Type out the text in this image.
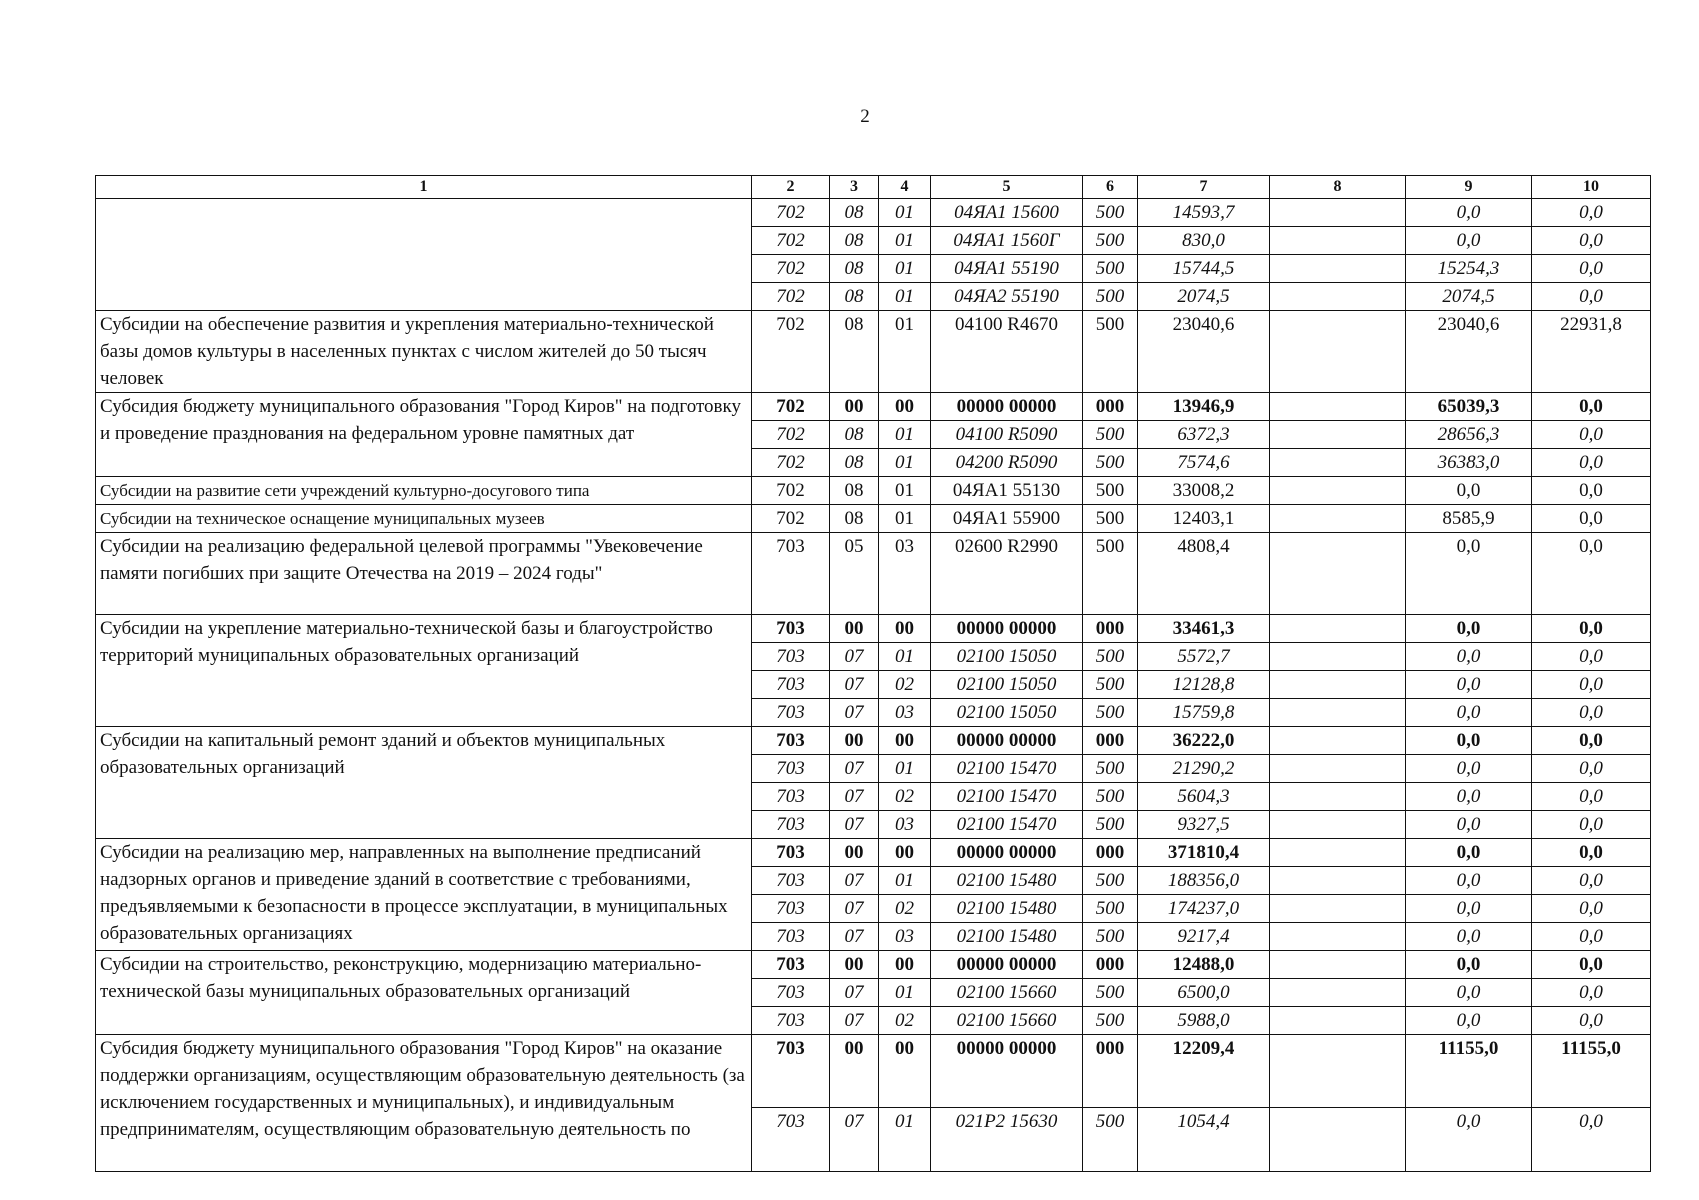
2
1	2	3	4	5	6	7	8	9	10
	702	08	01	04ЯА1 15600	500	14593,7		0,0	0,0
	702	08	01	04ЯА1 1560Г	500	830,0		0,0	0,0
	702	08	01	04ЯА1 55190	500	15744,5		15254,3	0,0
	702	08	01	04ЯА2 55190	500	2074,5		2074,5	0,0
Субсидии на обеспечение развития и укрепления материально-технической базы домов культуры в населенных пунктах с числом жителей до 50 тысяч человек	702	08	01	04100 R4670	500	23040,6		23040,6	22931,8
Субсидия бюджету муниципального образования "Город Киров" на подготовку и проведение празднования на федеральном уровне памятных дат	702	00	00	00000 00000	000	13946,9		65039,3	0,0
	702	08	01	04100 R5090	500	6372,3		28656,3	0,0
	702	08	01	04200 R5090	500	7574,6		36383,0	0,0
Субсидии на развитие сети учреждений культурно-досугового типа	702	08	01	04ЯА1 55130	500	33008,2		0,0	0,0
Субсидии на техническое оснащение муниципальных музеев	702	08	01	04ЯА1 55900	500	12403,1		8585,9	0,0
Субсидии на реализацию федеральной целевой программы "Увековечение памяти погибших при защите Отечества на 2019 – 2024 годы"	703	05	03	02600 R2990	500	4808,4		0,0	0,0
Субсидии на укрепление материально-технической базы и благоустройство территорий муниципальных образовательных организаций	703	00	00	00000 00000	000	33461,3		0,0	0,0
	703	07	01	02100 15050	500	5572,7		0,0	0,0
	703	07	02	02100 15050	500	12128,8		0,0	0,0
	703	07	03	02100 15050	500	15759,8		0,0	0,0
Субсидии на капитальный ремонт зданий и объектов муниципальных образовательных организаций	703	00	00	00000 00000	000	36222,0		0,0	0,0
	703	07	01	02100 15470	500	21290,2		0,0	0,0
	703	07	02	02100 15470	500	5604,3		0,0	0,0
	703	07	03	02100 15470	500	9327,5		0,0	0,0
Субсидии на реализацию мер, направленных на выполнение предписаний надзорных органов и приведение зданий в соответствие с требованиями, предъявляемыми к безопасности в процессе эксплуатации, в муниципальных образовательных организациях	703	00	00	00000 00000	000	371810,4		0,0	0,0
	703	07	01	02100 15480	500	188356,0		0,0	0,0
	703	07	02	02100 15480	500	174237,0		0,0	0,0
	703	07	03	02100 15480	500	9217,4		0,0	0,0
Субсидии на строительство, реконструкцию, модернизацию материально-технической базы муниципальных образовательных организаций	703	00	00	00000 00000	000	12488,0		0,0	0,0
	703	07	01	02100 15660	500	6500,0		0,0	0,0
	703	07	02	02100 15660	500	5988,0		0,0	0,0
Субсидия бюджету муниципального образования "Город Киров" на оказание поддержки организациям, осуществляющим образовательную деятельность (за исключением государственных и муниципальных), и индивидуальным предпринимателям, осуществляющим образовательную деятельность по	703	00	00	00000 00000	000	12209,4		11155,0	11155,0
	703	07	01	021P2 15630	500	1054,4		0,0	0,0
